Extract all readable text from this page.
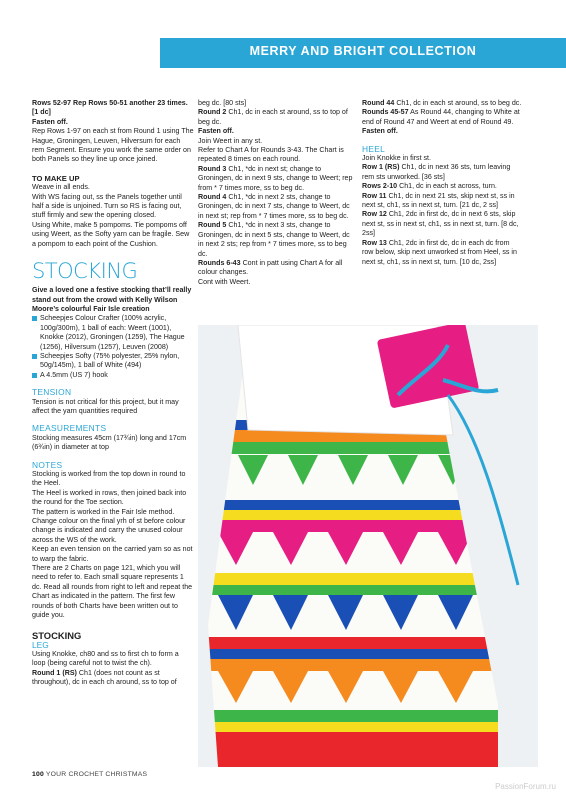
MERRY AND BRIGHT COLLECTION

Rows 52-97 Rep Rows 50-51 another 23 times. [1 dc]

Fasten off.

Rep Rows 1-97 on each st from Round 1 using The Hague, Groningen, Leuven, Hilversum for each rem Segment. Ensure you work the same order on both Panels so they line up once joined.

TO MAKE UP

Weave in all ends.
With WS facing out, ss the Panels together until half a side is unjoined. Turn so RS is facing out, stuff firmly and sew the opening closed.
Using White, make 5 pompoms. Tie pompoms off using Weert, as the Softy yarn can be fragile. Sew a pompom to each point of the Cushion.

STOCKING

Give a loved one a festive stocking that’ll really stand out from the crowd with Kelly Wilson Moore’s colourful Fair Isle creation

Scheepjes Colour Crafter (100% acrylic, 100g/300m), 1 ball of each: Weert (1001), Knokke (2012), Groningen (1259), The Hague (1256), Hilversum (1257), Leuven (2008)

Scheepjes Softy (75% polyester, 25% nylon, 50g/145m), 1 ball of White (494)

A 4.5mm (US 7) hook

TENSION

Tension is not critical for this project, but it may affect the yarn quantities required

MEASUREMENTS

Stocking measures 45cm (17¾in) long and 17cm (6¾in) in diameter at top

NOTES

Stocking is worked from the top down in round to the Heel.
The Heel is worked in rows, then joined back into the round for the Toe section.
The pattern is worked in the Fair Isle method. Change colour on the final yrh of st before colour change is indicated and carry the unused colour across the WS of the work.
Keep an even tension on the carried yarn so as not to warp the fabric.
There are 2 Charts on page 121, which you will need to refer to. Each small square represents 1 dc. Read all rounds from right to left and repeat the Chart as indicated in the pattern. The first few rounds of both Charts have been written out to guide you.

STOCKING

LEG

Using Knokke, ch80 and ss to first ch to form a loop (being careful not to twist the ch).

Round 1 (RS) Ch1 (does not count as st throughout), dc in each ch around, ss to top of

beg dc. [80 sts]

Round 2 Ch1, dc in each st around, ss to top of beg dc.

Fasten off.

Join Weert in any st.
Refer to Chart A for Rounds 3-43. The Chart is repeated 8 times on each round.

Round 3 Ch1, *dc in next st; change to Groningen, dc in next 9 sts, change to Weert; rep from * 7 times more, ss to beg dc.

Round 4 Ch1, *dc in next 2 sts, change to Groningen, dc in next 7 sts, change to Weert, dc in next st; rep from * 7 times more, ss to beg dc.

Round 5 Ch1, *dc in next 3 sts, change to Groningen, dc in next 5 sts, change to Weert, dc in next 2 sts; rep from * 7 times more, ss to beg dc.

Rounds 6-43 Cont in patt using Chart A for all colour changes.
Cont with Weert.

Round 44 Ch1, dc in each st around, ss to beg dc.

Rounds 45-57 As Round 44, changing to White at end of Round 47 and Weert at end of Round 49.

Fasten off.

HEEL

Join Knokke in first st.

Row 1 (RS) Ch1, dc in next 36 sts, turn leaving rem sts unworked. [36 sts]

Rows 2-10 Ch1, dc in each st across, turn.

Row 11 Ch1, dc in next 21 sts, skip next st, ss in next st, ch1, ss in next st, turn. [21 dc, 2 ss]

Row 12 Ch1, 2dc in first dc, dc in next 6 sts, skip next st, ss in next st, ch1, ss in next st, turn. [8 dc, 2ss]

Row 13 Ch1, 2dc in first dc, dc in each dc from row below, skip next unworked st from Heel, ss in next st, ch1, ss in next st, turn. [10 dc, 2ss]

100 YOUR CROCHET CHRISTMAS
PassionForum.ru
